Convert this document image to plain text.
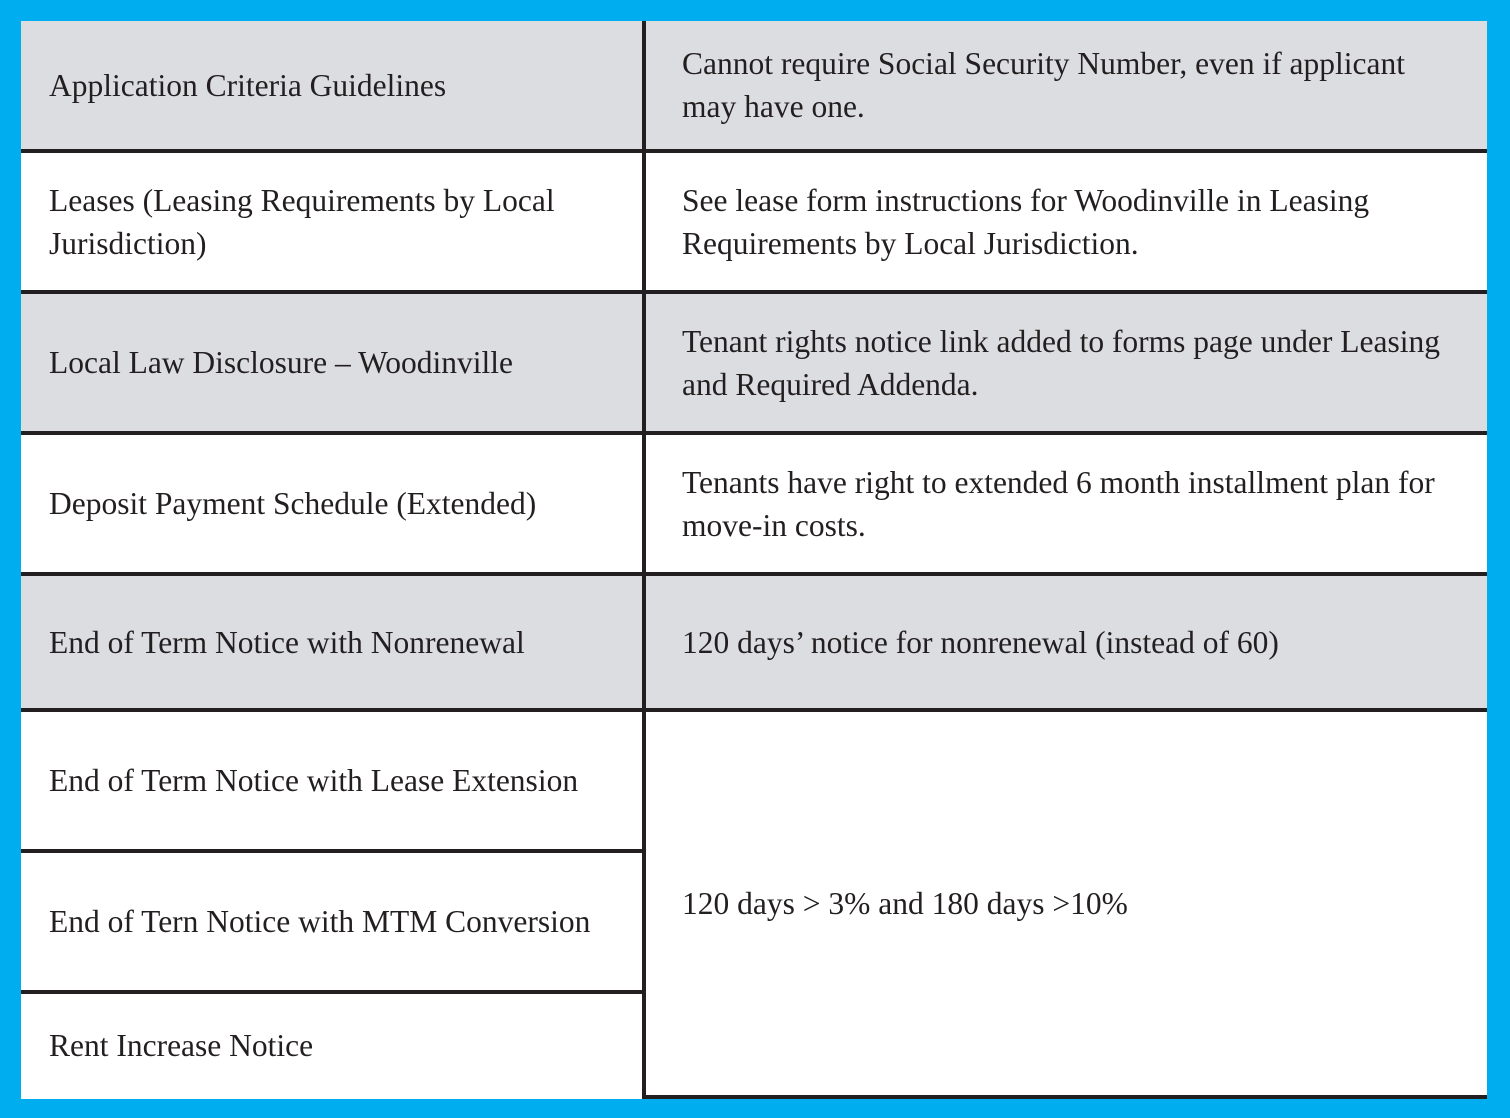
Application Criteria Guidelines	Cannot require Social Security Number, even if applicant may have one.
Leases (Leasing Requirements by Local Jurisdiction)	See lease form instructions for Woodinville in Leasing Requirements by Local Jurisdiction.
Local Law Disclosure – Woodinville	Tenant rights notice link added to forms page under Leasing and Required Addenda.
Deposit Payment Schedule (Extended)	Tenants have right to extended 6 month installment plan for move-in costs.
End of Term Notice with Nonrenewal	120 days’ notice for nonrenewal (instead of 60)
End of Term Notice with Lease Extension	120 days > 3% and 180 days >10%
End of Tern Notice with MTM Conversion	
Rent Increase Notice	
